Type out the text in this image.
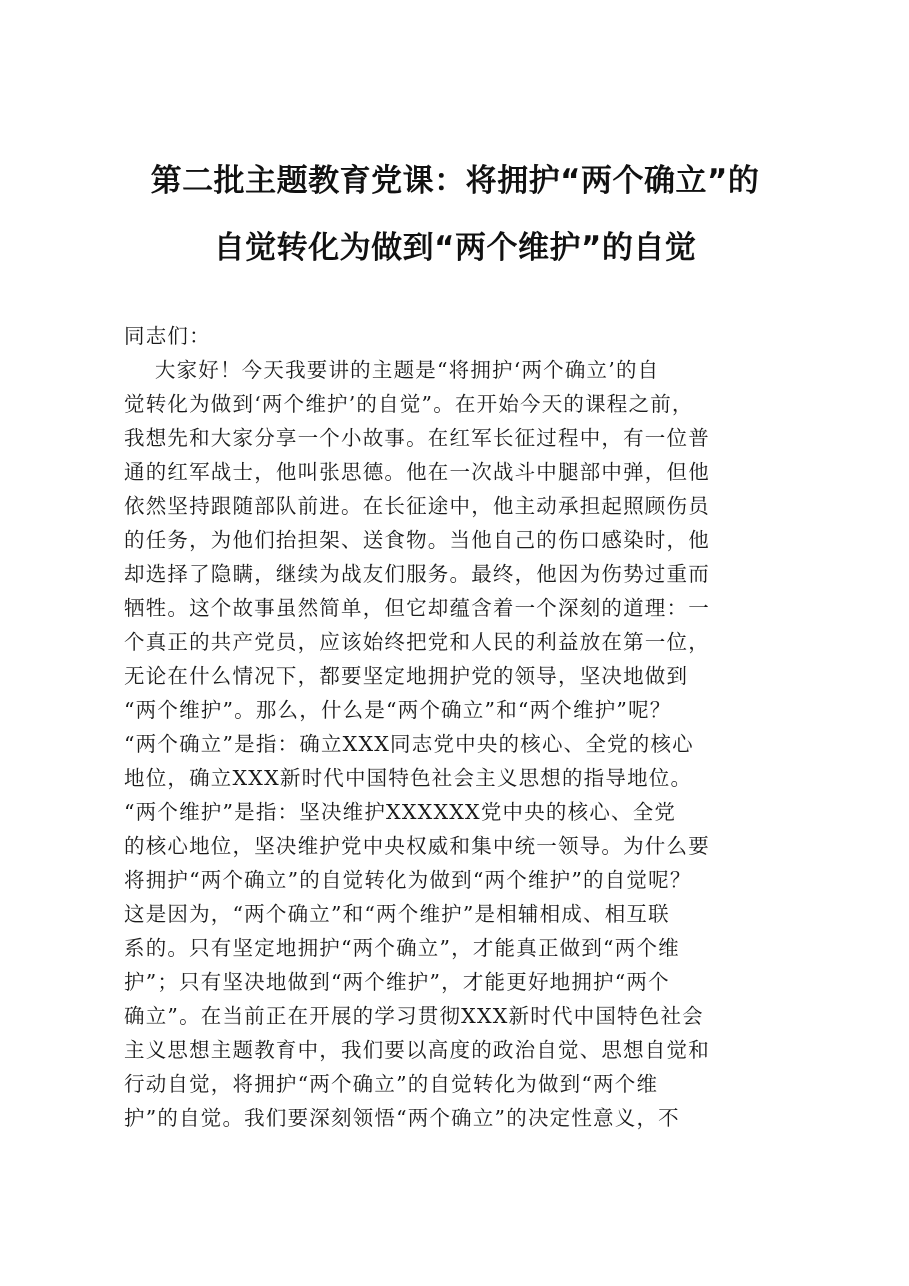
第二批主题教育党课：将拥护“两个确立”的
自觉转化为做到“两个维护”的自觉
同志们：
大家好！今天我要讲的主题是“将拥护‘两个确立’的自
觉转化为做到‘两个维护’的自觉”。在开始今天的课程之前，
我想先和大家分享一个小故事。在红军长征过程中，有一位普
通的红军战士，他叫张思德。他在一次战斗中腿部中弹，但他
依然坚持跟随部队前进。在长征途中，他主动承担起照顾伤员
的任务，为他们抬担架、送食物。当他自己的伤口感染时，他
却选择了隐瞒，继续为战友们服务。最终，他因为伤势过重而
牺牲。这个故事虽然简单，但它却蕴含着一个深刻的道理：一
个真正的共产党员，应该始终把党和人民的利益放在第一位，
无论在什么情况下，都要坚定地拥护党的领导，坚决地做到
“两个维护”。那么，什么是“两个确立”和“两个维护”呢？
“两个确立”是指：确立XXX同志党中央的核心、全党的核心
地位，确立XXX新时代中国特色社会主义思想的指导地位。
“两个维护”是指：坚决维护XXXXXX党中央的核心、全党
的核心地位，坚决维护党中央权威和集中统一领导。为什么要
将拥护“两个确立”的自觉转化为做到“两个维护”的自觉呢？
这是因为，“两个确立”和“两个维护”是相辅相成、相互联
系的。只有坚定地拥护“两个确立”，才能真正做到“两个维
护”；只有坚决地做到“两个维护”，才能更好地拥护“两个
确立”。在当前正在开展的学习贯彻XXX新时代中国特色社会
主义思想主题教育中，我们要以高度的政治自觉、思想自觉和
行动自觉，将拥护“两个确立”的自觉转化为做到“两个维
护”的自觉。我们要深刻领悟“两个确立”的决定性意义，不
